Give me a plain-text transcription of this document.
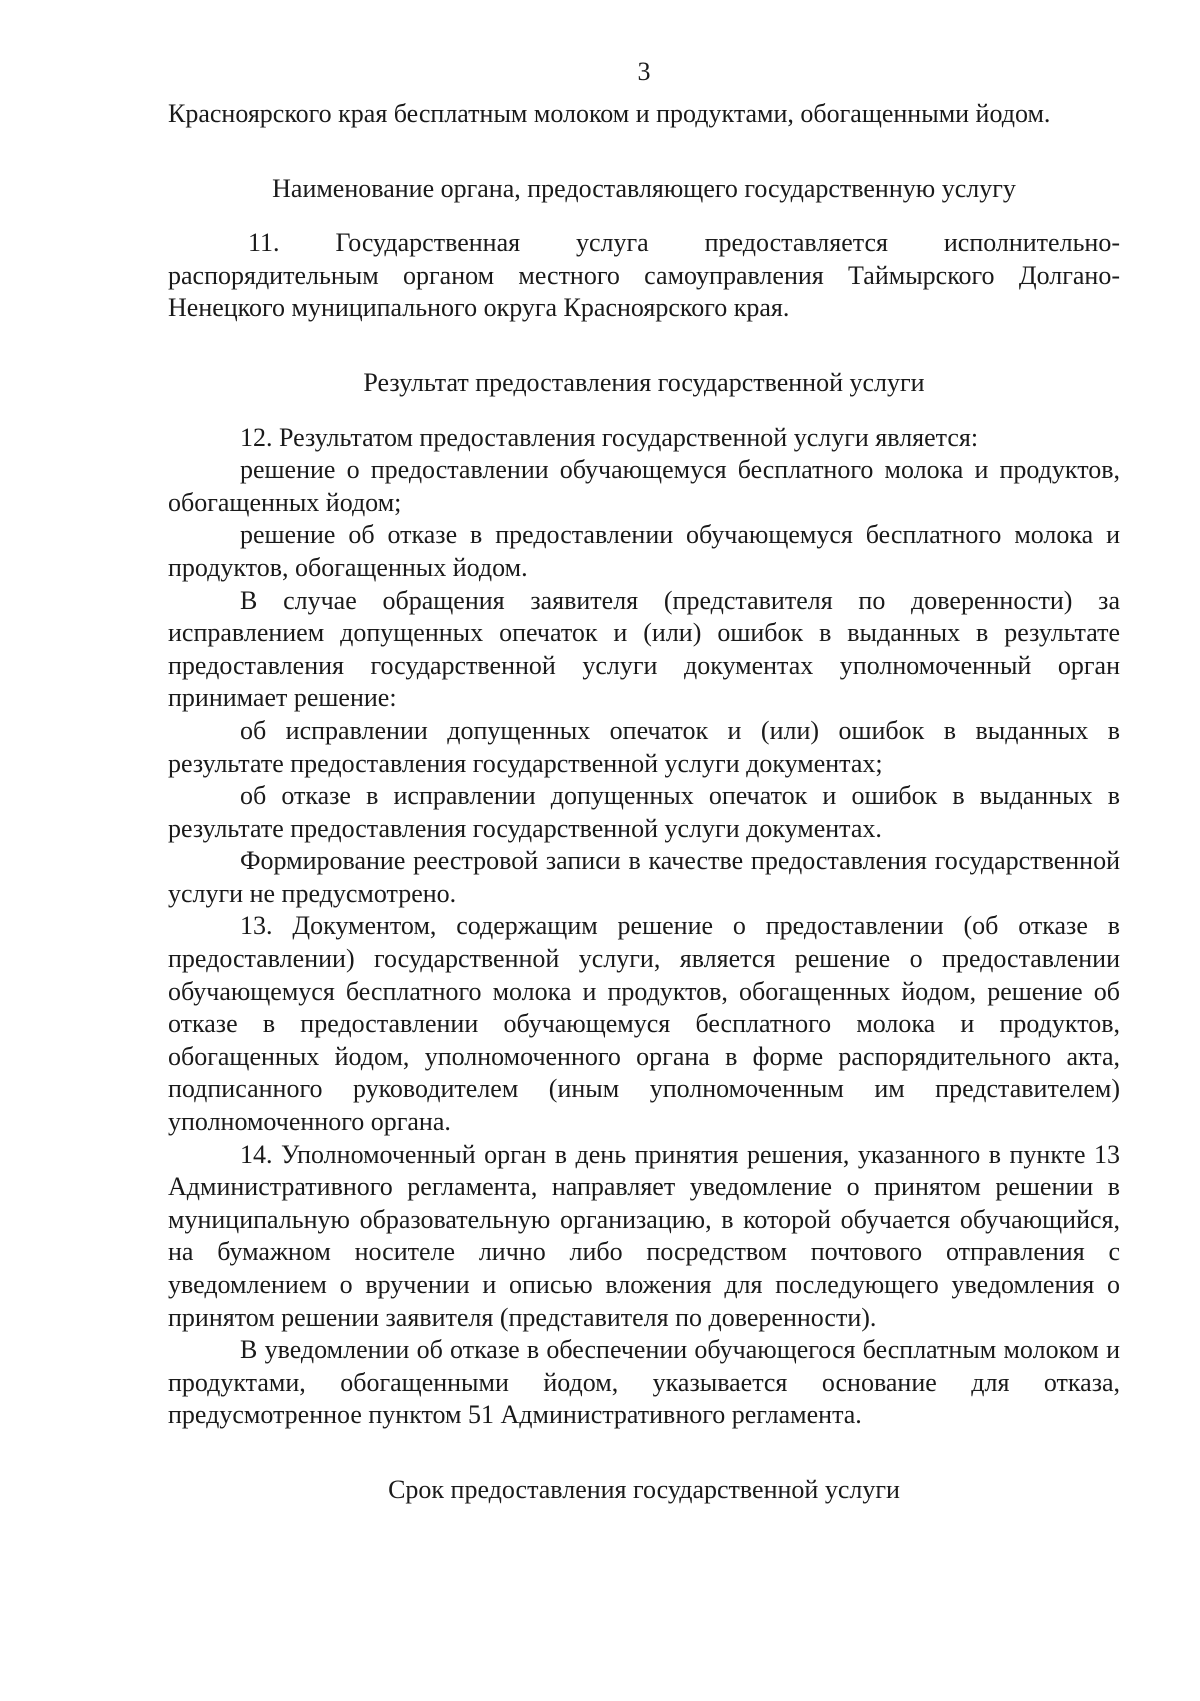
3

Красноярского края бесплатным молоком и продуктами, обогащенными йодом.

Наименование органа, предоставляющего государственную услугу

11. Государственная услуга предоставляется исполнительно-распорядительным органом местного самоуправления Таймырского Долгано-Ненецкого муниципального округа Красноярского края.

Результат предоставления государственной услуги

12. Результатом предоставления государственной услуги является:

решение о предоставлении обучающемуся бесплатного молока и продуктов, обогащенных йодом;

решение об отказе в предоставлении обучающемуся бесплатного молока и продуктов, обогащенных йодом.

В случае обращения заявителя (представителя по доверенности) за исправлением допущенных опечаток и (или) ошибок в выданных в результате предоставления государственной услуги документах уполномоченный орган принимает решение:

об исправлении допущенных опечаток и (или) ошибок в выданных в результате предоставления государственной услуги документах;

об отказе в исправлении допущенных опечаток и ошибок в выданных в результате предоставления государственной услуги документах.

Формирование реестровой записи в качестве предоставления государственной услуги не предусмотрено.

13. Документом, содержащим решение о предоставлении (об отказе в предоставлении) государственной услуги, является решение о предоставлении обучающемуся бесплатного молока и продуктов, обогащенных йодом, решение об отказе в предоставлении обучающемуся бесплатного молока и продуктов, обогащенных йодом, уполномоченного органа в форме распорядительного акта, подписанного руководителем (иным уполномоченным им представителем) уполномоченного органа.

14. Уполномоченный орган в день принятия решения, указанного в пункте 13 Административного регламента, направляет уведомление о принятом решении в муниципальную образовательную организацию, в которой обучается обучающийся, на бумажном носителе лично либо посредством почтового отправления с уведомлением о вручении и описью вложения для последующего уведомления о принятом решении заявителя (представителя по доверенности).

В уведомлении об отказе в обеспечении обучающегося бесплатным молоком и продуктами, обогащенными йодом, указывается основание для отказа, предусмотренное пунктом 51 Административного регламента.

Срок предоставления государственной услуги
